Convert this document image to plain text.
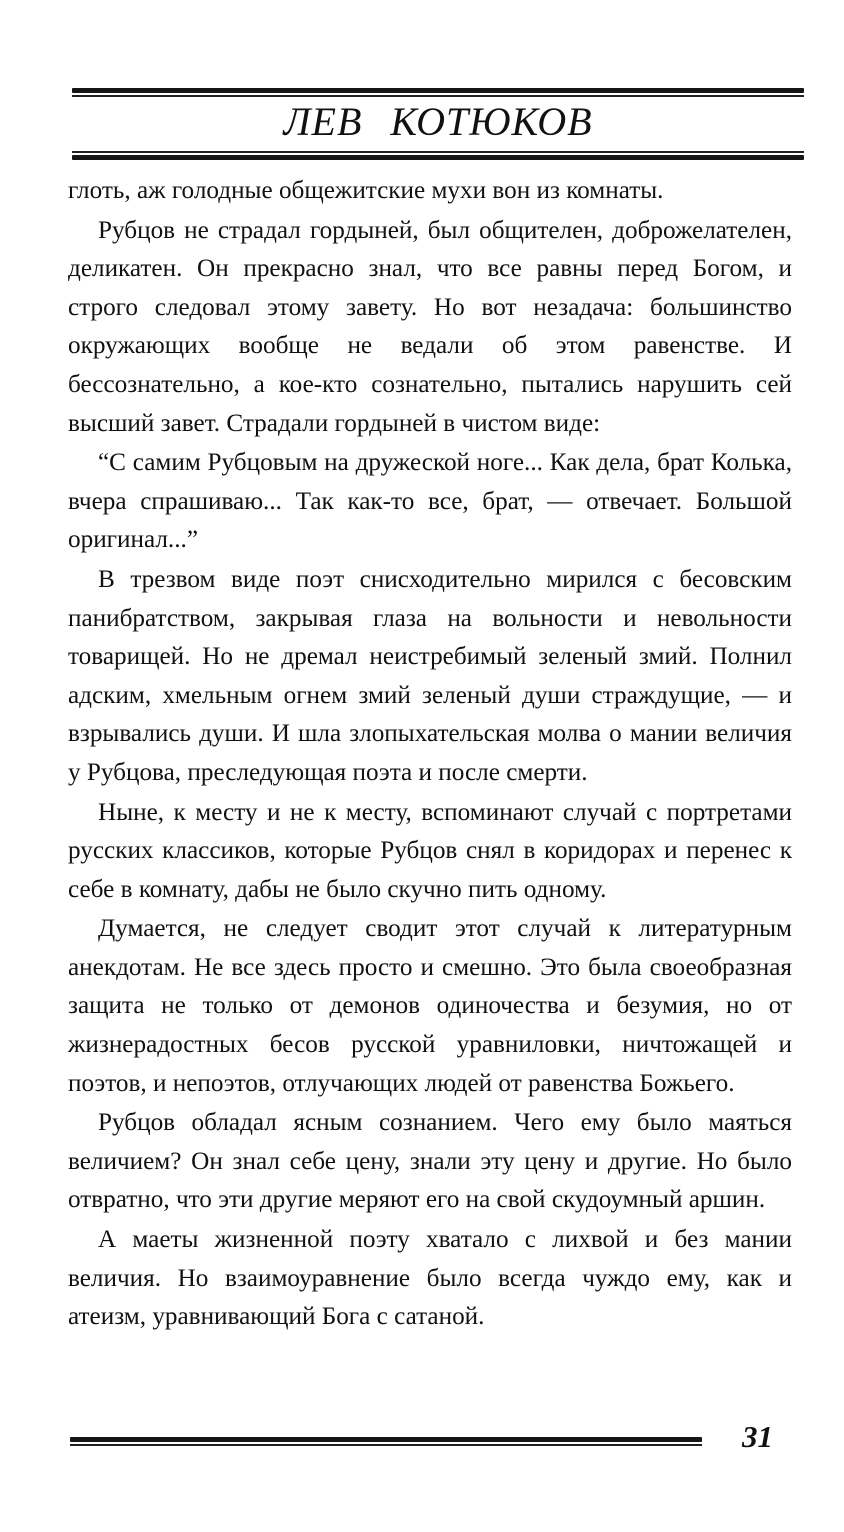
ЛЕВ КОТЮКОВ

глоть, аж голодные общежитские мухи вон из комнаты.

Рубцов не страдал гордыней, был общителен, доброжелателен, деликатен. Он прекрасно знал, что все равны перед Богом, и строго следовал этому завету. Но вот незадача: большинство окружающих вообще не ведали об этом равенстве. И бессознательно, а кое-кто сознательно, пытались нарушить сей высший завет. Страдали гордыней в чистом виде:

“С самим Рубцовым на дружеской ноге... Как дела, брат Колька, вчера спрашиваю... Так как-то все, брат, — отвечает. Большой оригинал...”

В трезвом виде поэт снисходительно мирился с бесовским панибратством, закрывая глаза на вольности и невольности товарищей. Но не дремал неистребимый зеленый змий. Полнил адским, хмельным огнем змий зеленый души страждущие, — и взрывались души. И шла злопыхательская молва о мании величия у Рубцова, преследующая поэта и после смерти.

Ныне, к месту и не к месту, вспоминают случай с портретами русских классиков, которые Рубцов снял в коридорах и перенес к себе в комнату, дабы не было скучно пить одному.

Думается, не следует сводит этот случай к литературным анекдотам. Не все здесь просто и смешно. Это была своеобразная защита не только от демонов одиночества и безумия, но от жизнерадостных бесов русской уравниловки, ничтожащей и поэтов, и непоэтов, отлучающих людей от равенства Божьего.

Рубцов обладал ясным сознанием. Чего ему было маяться величием? Он знал себе цену, знали эту цену и другие. Но было отвратно, что эти другие меряют его на свой скудоумный аршин.

А маеты жизненной поэту хватало с лихвой и без мании величия. Но взаимоуравнение было всегда чуждо ему, как и атеизм, уравнивающий Бога с сатаной.

31
